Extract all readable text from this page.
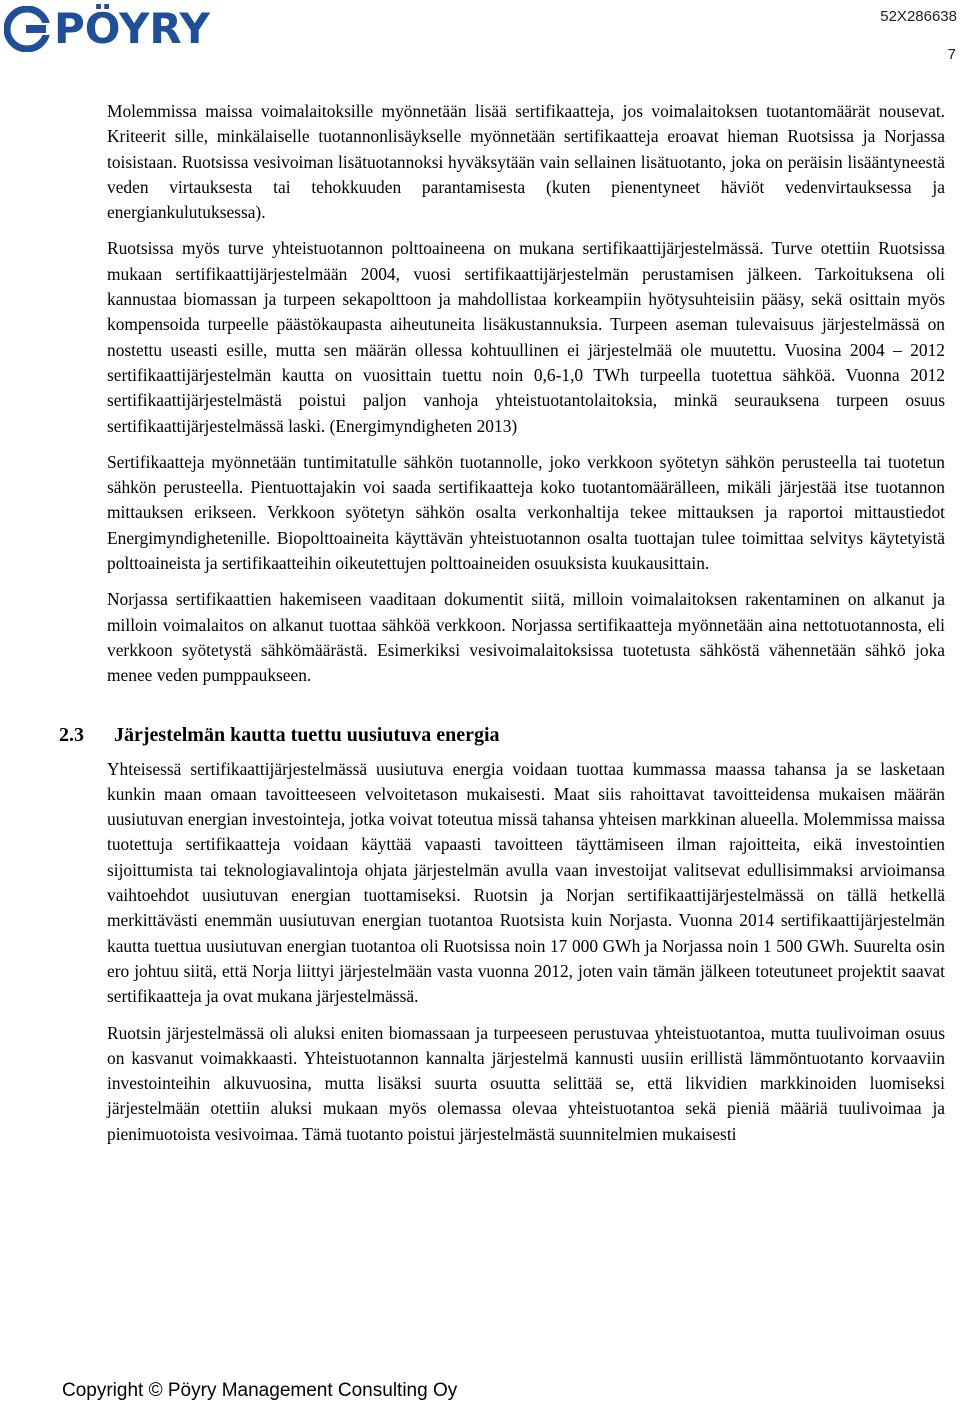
PÖYRY	52X286638
7

Molemmissa maissa voimalaitoksille myönnetään lisää sertifikaatteja, jos voimalaitoksen tuotantomäärät nousevat. Kriteerit sille, minkälaiselle tuotannonlisäykselle myönnetään sertifikaatteja eroavat hieman Ruotsissa ja Norjassa toisistaan. Ruotsissa vesivoiman lisätuotannoksi hyväksytään vain sellainen lisätuotanto, joka on peräisin lisääntyneestä veden virtauksesta tai tehokkuuden parantamisesta (kuten pienentyneet häviöt vedenvirtauksessa ja energiankulutuksessa).

Ruotsissa myös turve yhteistuotannon polttoaineena on mukana sertifikaattijärjestelmässä. Turve otettiin Ruotsissa mukaan sertifikaattijärjestelmään 2004, vuosi sertifikaattijärjestelmän perustamisen jälkeen. Tarkoituksena oli kannustaa biomassan ja turpeen sekapolttoon ja mahdollistaa korkeampiin hyötysuhteisiin pääsy, sekä osittain myös kompensoida turpeelle päästökaupasta aiheutuneita lisäkustannuksia. Turpeen aseman tulevaisuus järjestelmässä on nostettu useasti esille, mutta sen määrän ollessa kohtuullinen ei järjestelmää ole muutettu. Vuosina 2004 – 2012 sertifikaattijärjestelmän kautta on vuosittain tuettu noin 0,6-1,0 TWh turpeella tuotettua sähköä. Vuonna 2012 sertifikaattijärjestelmästä poistui paljon vanhoja yhteistuotantolaitoksia, minkä seurauksena turpeen osuus sertifikaattijärjestelmässä laski. (Energimyndigheten 2013)

Sertifikaatteja myönnetään tuntimitatulle sähkön tuotannolle, joko verkkoon syötetyn sähkön perusteella tai tuotetun sähkön perusteella. Pientuottajakin voi saada sertifikaatteja koko tuotantomäärälleen, mikäli järjestää itse tuotannon mittauksen erikseen. Verkkoon syötetyn sähkön osalta verkonhaltija tekee mittauksen ja raportoi mittaustiedot Energimyndighetenille. Biopolttoaineita käyttävän yhteistuotannon osalta tuottajan tulee toimittaa selvitys käytetyistä polttoaineista ja sertifikaatteihin oikeutettujen polttoaineiden osuuksista kuukausittain.

Norjassa sertifikaattien hakemiseen vaaditaan dokumentit siitä, milloin voimalaitoksen rakentaminen on alkanut ja milloin voimalaitos on alkanut tuottaa sähköä verkkoon. Norjassa sertifikaatteja myönnetään aina nettotuotannosta, eli verkkoon syötetystä sähkömäärästä. Esimerkiksi vesivoimalaitoksissa tuotetusta sähköstä vähennetään sähkö joka menee veden pumppaukseen.

2.3 Järjestelmän kautta tuettu uusiutuva energia

Yhteisessä sertifikaattijärjestelmässä uusiutuva energia voidaan tuottaa kummassa maassa tahansa ja se lasketaan kunkin maan omaan tavoitteeseen velvoitetason mukaisesti. Maat siis rahoittavat tavoitteidensa mukaisen määrän uusiutuvan energian investointeja, jotka voivat toteutua missä tahansa yhteisen markkinan alueella. Molemmissa maissa tuotettuja sertifikaatteja voidaan käyttää vapaasti tavoitteen täyttämiseen ilman rajoitteita, eikä investointien sijoittumista tai teknologiavalintoja ohjata järjestelmän avulla vaan investoijat valitsevat edullisimmaksi arvioimansa vaihtoehdot uusiutuvan energian tuottamiseksi. Ruotsin ja Norjan sertifikaattijärjestelmässä on tällä hetkellä merkittävästi enemmän uusiutuvan energian tuotantoa Ruotsista kuin Norjasta. Vuonna 2014 sertifikaattijärjestelmän kautta tuettua uusiutuvan energian tuotantoa oli Ruotsissa noin 17 000 GWh ja Norjassa noin 1 500 GWh. Suurelta osin ero johtuu siitä, että Norja liittyi järjestelmään vasta vuonna 2012, joten vain tämän jälkeen toteutuneet projektit saavat sertifikaatteja ja ovat mukana järjestelmässä.

Ruotsin järjestelmässä oli aluksi eniten biomassaan ja turpeeseen perustuvaa yhteistuotantoa, mutta tuulivoiman osuus on kasvanut voimakkaasti. Yhteistuotannon kannalta järjestelmä kannusti uusiin erillistä lämmöntuotanto korvaaviin investointeihin alkuvuosina, mutta lisäksi suurta osuutta selittää se, että likvidien markkinoiden luomiseksi järjestelmään otettiin aluksi mukaan myös olemassa olevaa yhteistuotantoa sekä pieniä määriä tuulivoimaa ja pienimuotoista vesivoimaa. Tämä tuotanto poistui järjestelmästä suunnitelmien mukaisesti

Copyright © Pöyry Management Consulting Oy
